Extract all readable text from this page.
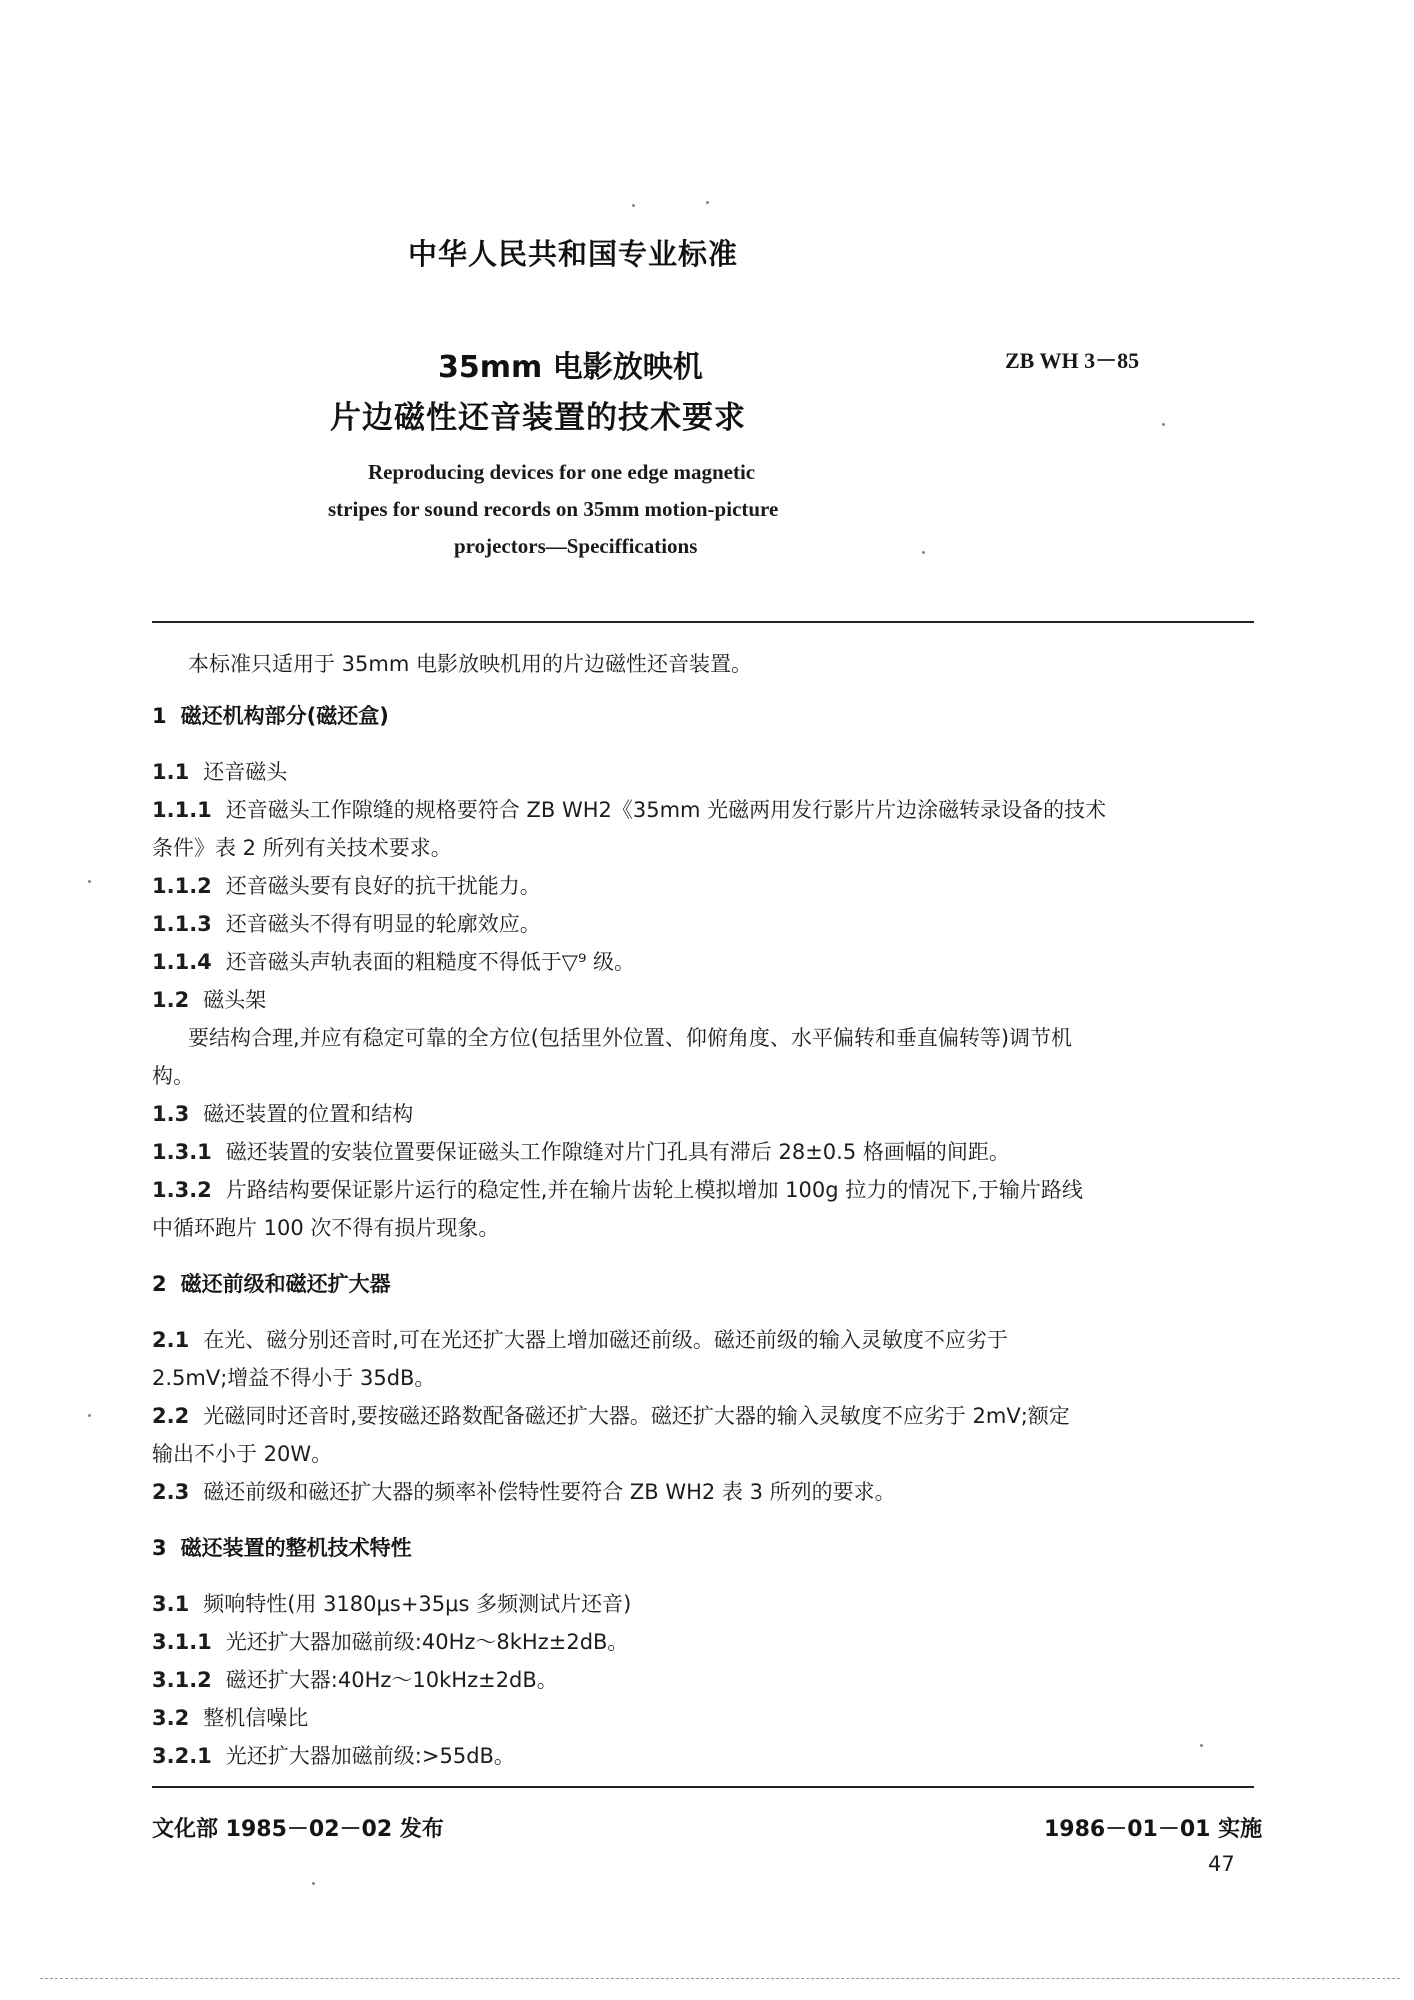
中华人民共和国专业标准
35mm 电影放映机
片边磁性还音装置的技术要求
ZB WH 3－85
Reproducing devices for one edge magnetic
stripes for sound records on 35mm motion-picture
projectors—Speciffications
本标准只适用于 35mm 电影放映机用的片边磁性还音装置。
1 磁还机构部分(磁还盒)
1.1 还音磁头
1.1.1 还音磁头工作隙缝的规格要符合 ZB WH2《35mm 光磁两用发行影片片边涂磁转录设备的技术
条件》表 2 所列有关技术要求。
1.1.2 还音磁头要有良好的抗干扰能力。
1.1.3 还音磁头不得有明显的轮廓效应。
1.1.4 还音磁头声轨表面的粗糙度不得低于▽⁹ 级。
1.2 磁头架
要结构合理,并应有稳定可靠的全方位(包括里外位置、仰俯角度、水平偏转和垂直偏转等)调节机
构。
1.3 磁还装置的位置和结构
1.3.1 磁还装置的安装位置要保证磁头工作隙缝对片门孔具有滞后 28±0.5 格画幅的间距。
1.3.2 片路结构要保证影片运行的稳定性,并在输片齿轮上模拟增加 100g 拉力的情况下,于输片路线
中循环跑片 100 次不得有损片现象。
2 磁还前级和磁还扩大器
2.1 在光、磁分别还音时,可在光还扩大器上增加磁还前级。磁还前级的输入灵敏度不应劣于
2.5mV;增益不得小于 35dB。
2.2 光磁同时还音时,要按磁还路数配备磁还扩大器。磁还扩大器的输入灵敏度不应劣于 2mV;额定
输出不小于 20W。
2.3 磁还前级和磁还扩大器的频率补偿特性要符合 ZB WH2 表 3 所列的要求。
3 磁还装置的整机技术特性
3.1 频响特性(用 3180μs+35μs 多频测试片还音)
3.1.1 光还扩大器加磁前级:40Hz～8kHz±2dB。
3.1.2 磁还扩大器:40Hz～10kHz±2dB。
3.2 整机信噪比
3.2.1 光还扩大器加磁前级:>55dB。
文化部 1985－02－02 发布	1986－01－01 实施
47
